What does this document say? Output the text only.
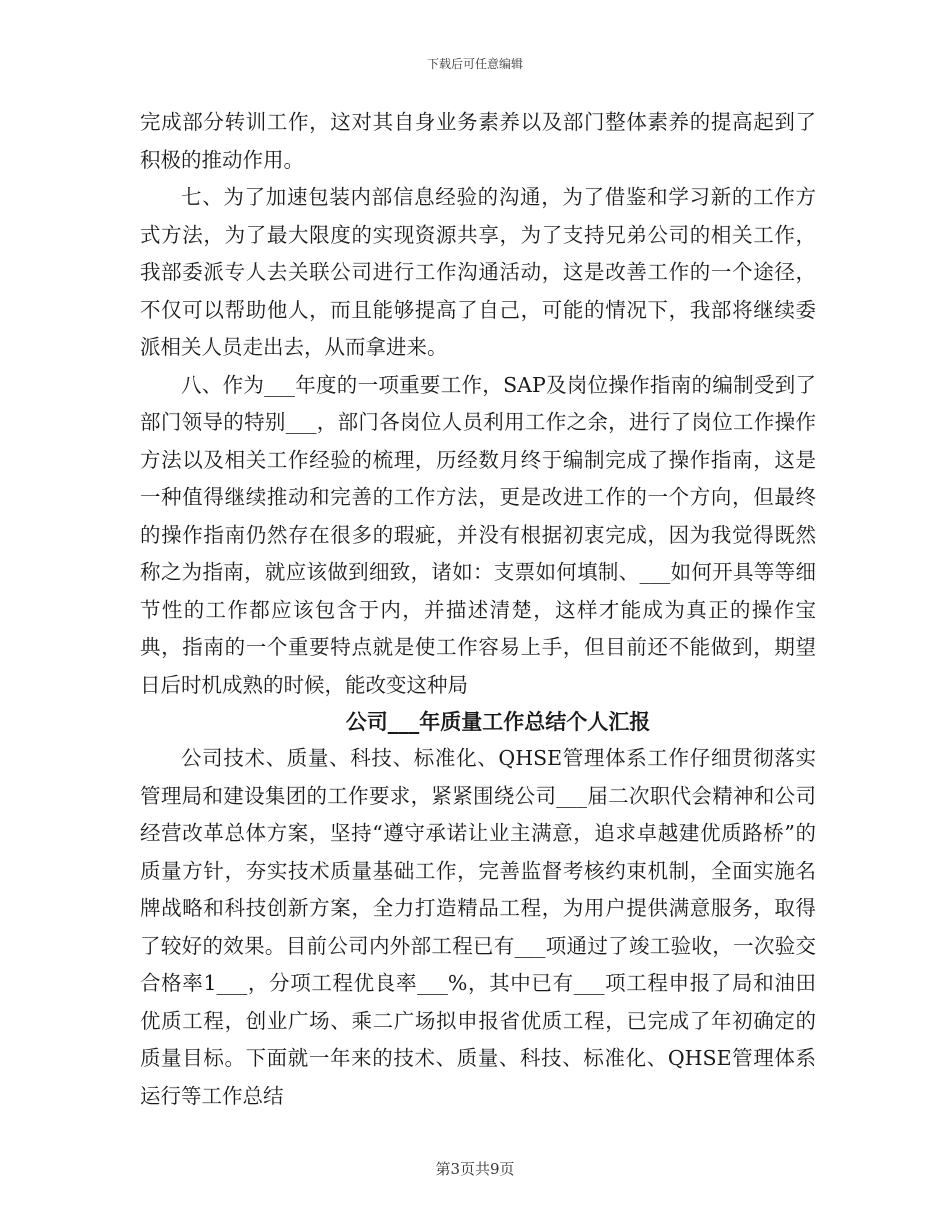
下载后可任意编辑

完成部分转训工作，这对其自身业务素养以及部门整体素养的提高起到了积极的推动作用。

七、为了加速包装内部信息经验的沟通，为了借鉴和学习新的工作方式方法，为了最大限度的实现资源共享，为了支持兄弟公司的相关工作，我部委派专人去关联公司进行工作沟通活动，这是改善工作的一个途径，不仅可以帮助他人，而且能够提高了自己，可能的情况下，我部将继续委派相关人员走出去，从而拿进来。

八、作为___年度的一项重要工作，SAP及岗位操作指南的编制受到了部门领导的特别___，部门各岗位人员利用工作之余，进行了岗位工作操作方法以及相关工作经验的梳理，历经数月终于编制完成了操作指南，这是一种值得继续推动和完善的工作方法，更是改进工作的一个方向，但最终的操作指南仍然存在很多的瑕疵，并没有根据初衷完成，因为我觉得既然称之为指南，就应该做到细致，诸如：支票如何填制、___如何开具等等细节性的工作都应该包含于内，并描述清楚，这样才能成为真正的操作宝典，指南的一个重要特点就是使工作容易上手，但目前还不能做到，期望日后时机成熟的时候，能改变这种局

公司___年质量工作总结个人汇报

公司技术、质量、科技、标准化、QHSE管理体系工作仔细贯彻落实管理局和建设集团的工作要求，紧紧围绕公司___届二次职代会精神和公司经营改革总体方案，坚持“遵守承诺让业主满意，追求卓越建优质路桥”的质量方针，夯实技术质量基础工作，完善监督考核约束机制，全面实施名牌战略和科技创新方案，全力打造精品工程，为用户提供满意服务，取得了较好的效果。目前公司内外部工程已有___项通过了竣工验收，一次验交合格率1___，分项工程优良率___%，其中已有___项工程申报了局和油田优质工程，创业广场、乘二广场拟申报省优质工程，已完成了年初确定的质量目标。下面就一年来的技术、质量、科技、标准化、QHSE管理体系运行等工作总结

第3页共9页
